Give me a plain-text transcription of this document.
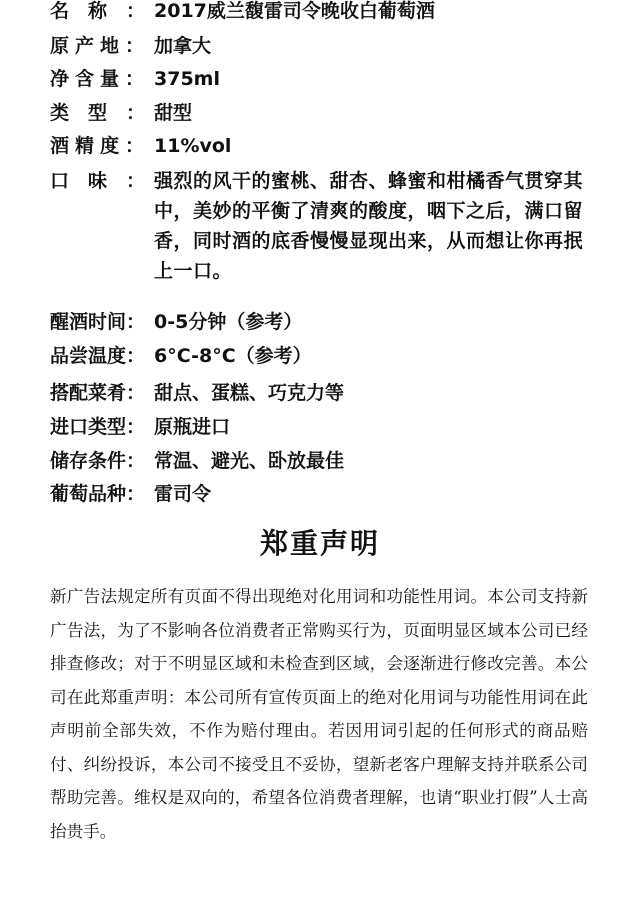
名　称　： 2017威兰馥雷司令晚收白葡萄酒
原产地： 加拿大
净含量： 375ml
类　型　： 甜型
酒精度： 11%vol
口　味　： 强烈的风干的蜜桃、甜杏、蜂蜜和柑橘香气贯穿其中，美妙的平衡了清爽的酸度，咽下之后，满口留香，同时酒的底香慢慢显现出来，从而想让你再抿上一口。
醒酒时间： 0-5分钟（参考）
品尝温度： 6°C-8°C（参考）
搭配菜肴： 甜点、蛋糕、巧克力等
进口类型： 原瓶进口
储存条件： 常温、避光、卧放最佳
葡萄品种： 雷司令
郑重声明
新广告法规定所有页面不得出现绝对化用词和功能性用词。本公司支持新广告法，为了不影响各位消费者正常购买行为，页面明显区域本公司已经排查修改；对于不明显区域和未检查到区域，会逐渐进行修改完善。本公司在此郑重声明：本公司所有宣传页面上的绝对化用词与功能性用词在此声明前全部失效，不作为赔付理由。若因用词引起的任何形式的商品赔付、纠纷投诉，本公司不接受且不妥协，望新老客户理解支持并联系公司帮助完善。维权是双向的，希望各位消费者理解，也请“职业打假”人士高抬贵手。
